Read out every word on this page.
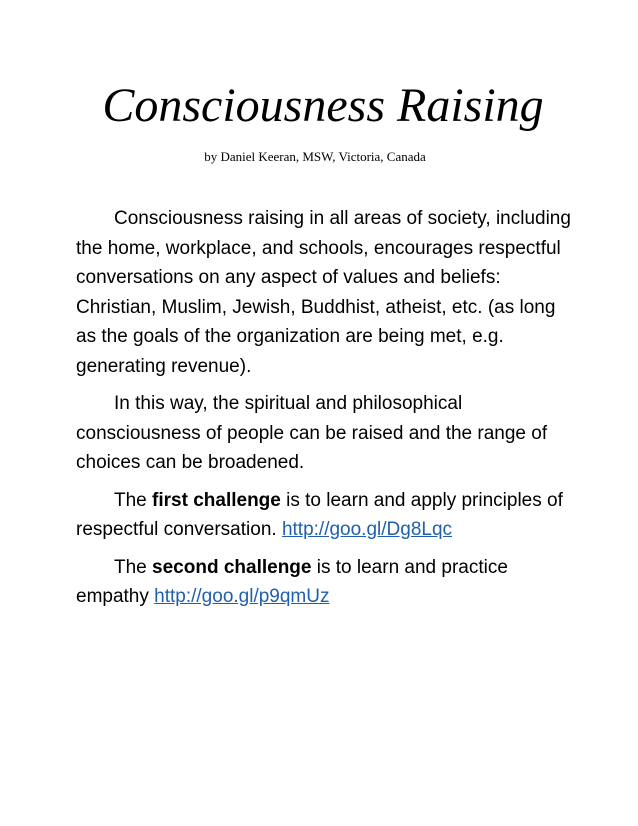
Consciousness Raising
by Daniel Keeran, MSW, Victoria, Canada

Consciousness raising in all areas of society, including the home, workplace, and schools, encourages respectful conversations on any aspect of values and beliefs: Christian, Muslim, Jewish, Buddhist, atheist, etc. (as long as the goals of the organization are being met, e.g. generating revenue).

In this way, the spiritual and philosophical consciousness of people can be raised and the range of choices can be broadened.

The first challenge is to learn and apply principles of respectful conversation. http://goo.gl/Dg8Lqc

The second challenge is to learn and practice empathy http://goo.gl/p9qmUz
